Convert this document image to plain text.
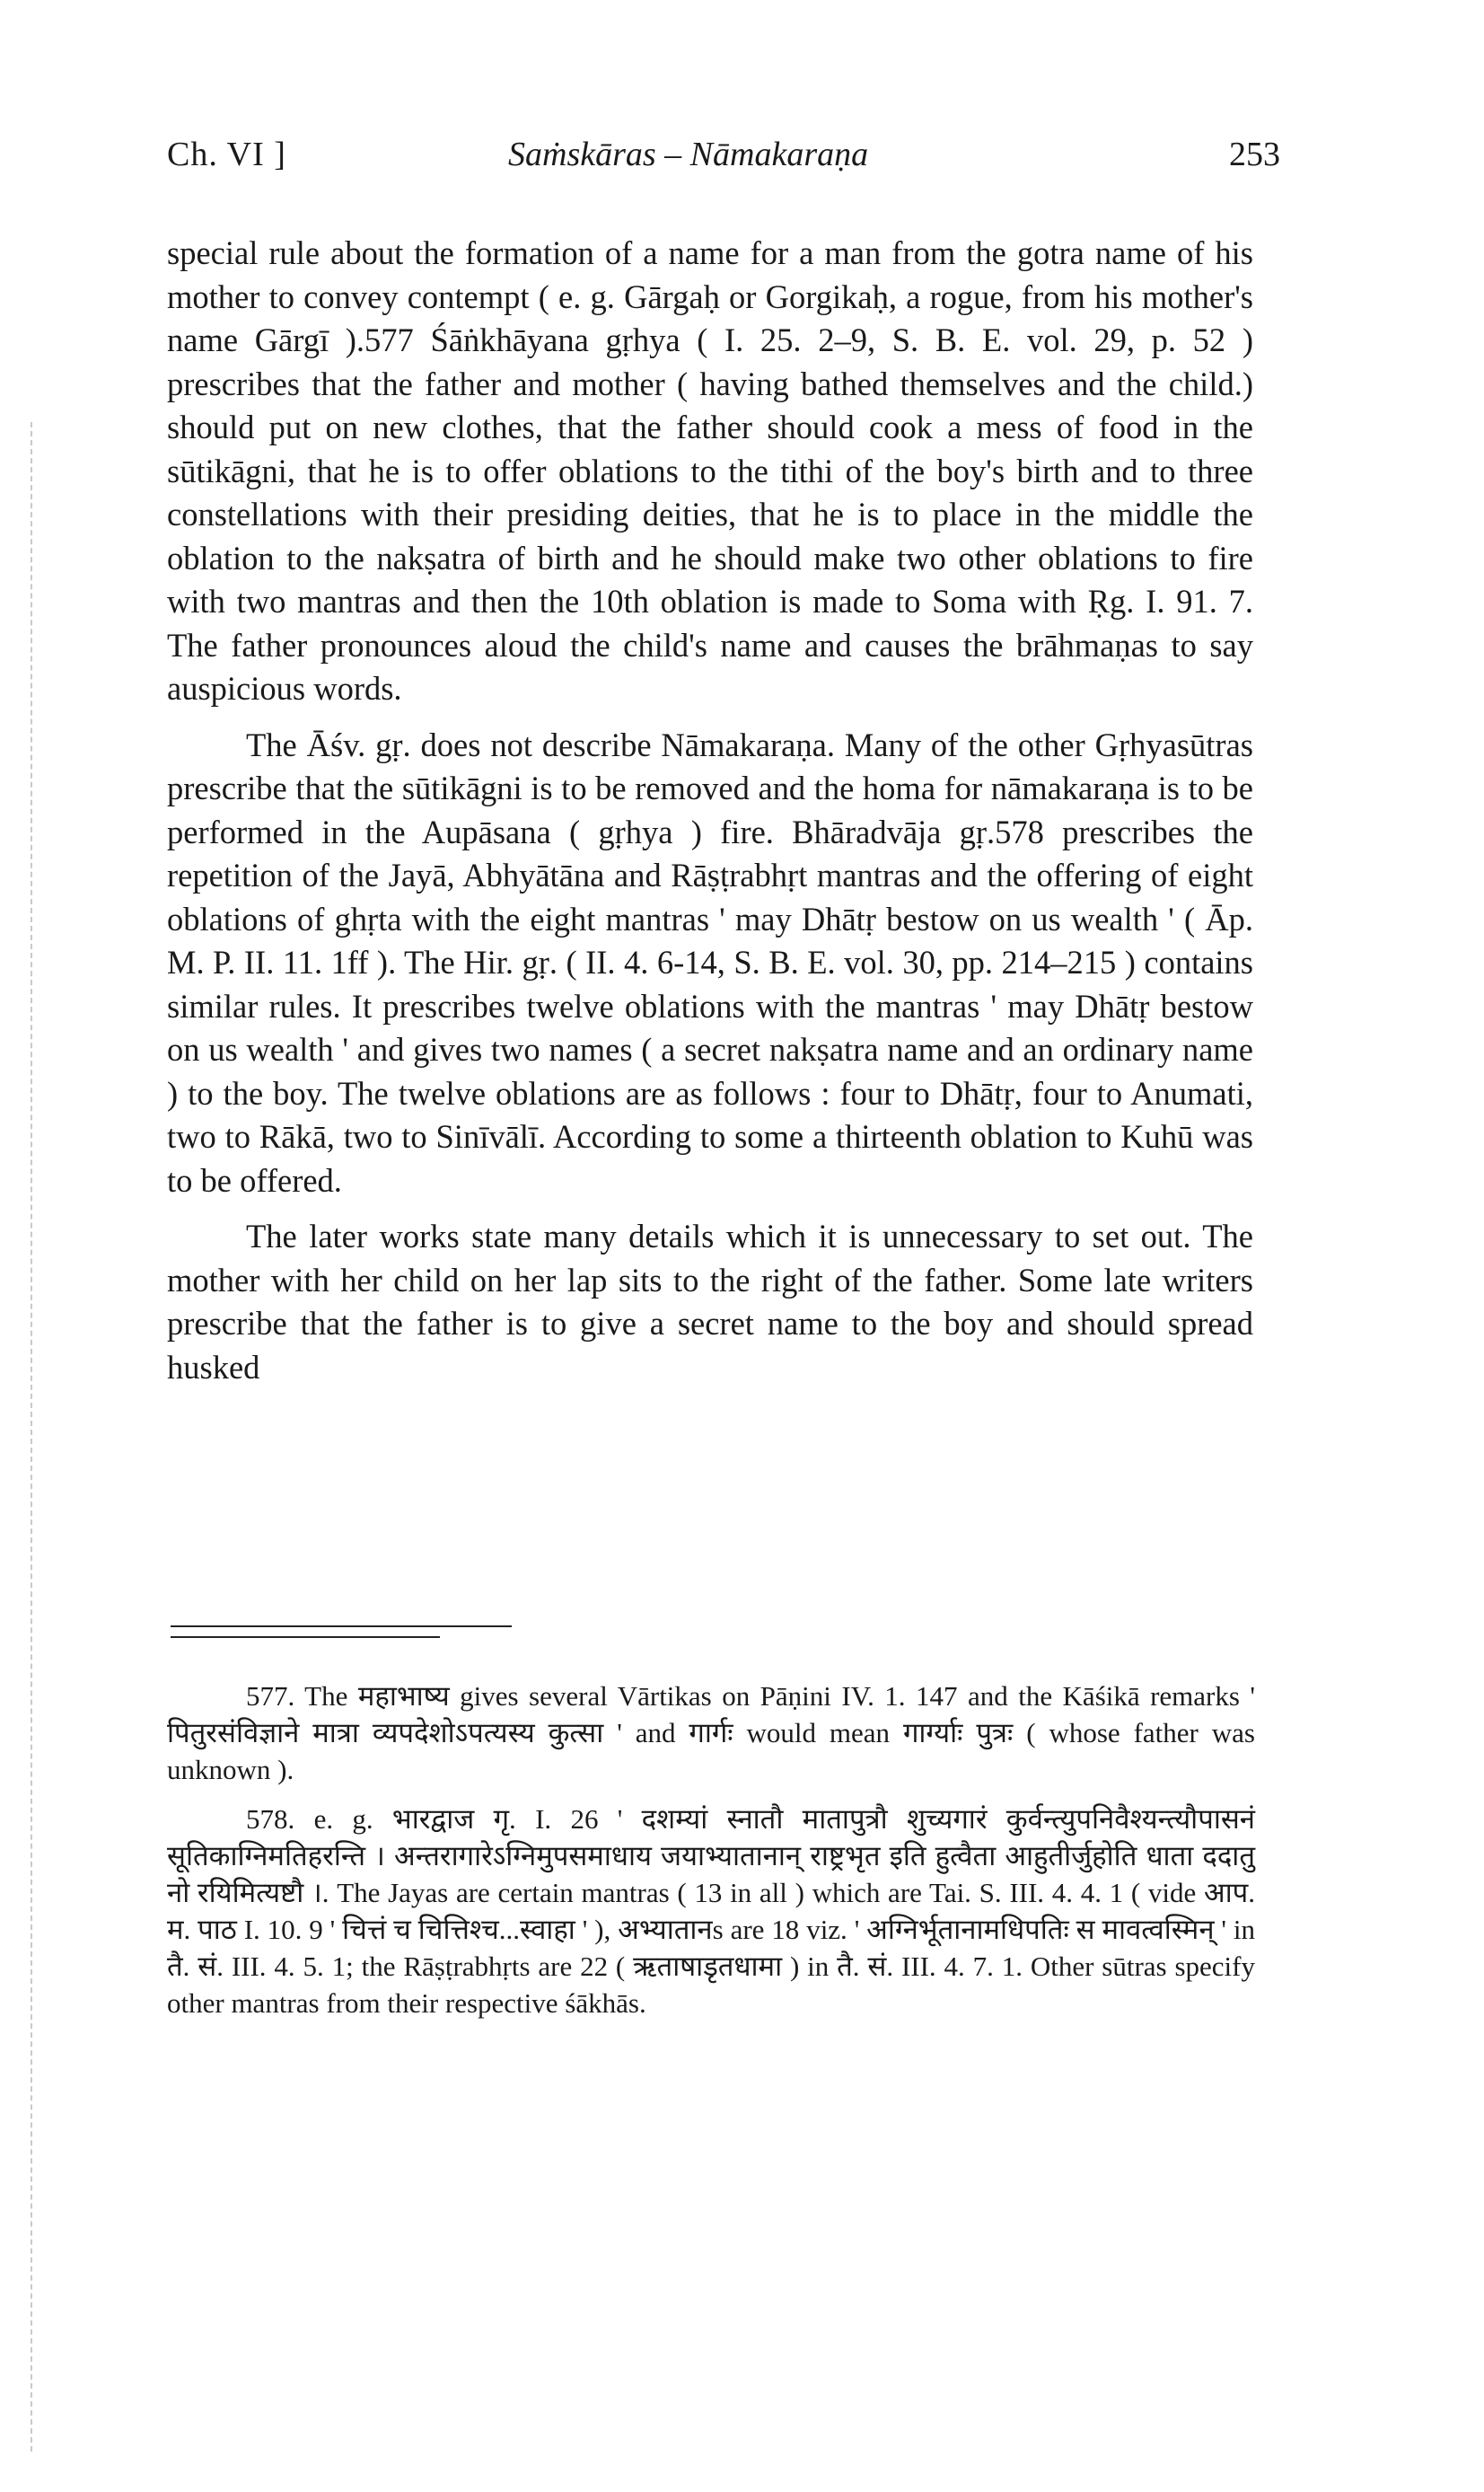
Ch. VI ]	Saṁskāras – Nāmakaraṇa	253

special rule about the formation of a name for a man from the gotra name of his mother to convey contempt ( e. g. Gārgaḥ or Gorgikaḥ, a rogue, from his mother's name Gārgī ).577 Śāṅkhāyana gṛhya ( I. 25. 2–9, S. B. E. vol. 29, p. 52 ) prescribes that the father and mother ( having bathed themselves and the child.) should put on new clothes, that the father should cook a mess of food in the sūtikāgni, that he is to offer oblations to the tithi of the boy's birth and to three constellations with their presiding deities, that he is to place in the middle the oblation to the nakṣatra of birth and he should make two other oblations to fire with two mantras and then the 10th oblation is made to Soma with Ṛg. I. 91. 7. The father pronounces aloud the child's name and causes the brāhmaṇas to say auspicious words.

The Āśv. gṛ. does not describe Nāmakaraṇa. Many of the other Gṛhyasūtras prescribe that the sūtikāgni is to be removed and the homa for nāmakaraṇa is to be performed in the Aupāsana ( gṛhya ) fire. Bhāradvāja gṛ.578 prescribes the repetition of the Jayā, Abhyātāna and Rāṣṭrabhṛt mantras and the offering of eight oblations of ghṛta with the eight mantras ' may Dhātṛ bestow on us wealth ' ( Āp. M. P. II. 11. 1ff ). The Hir. gṛ. ( II. 4. 6-14, S. B. E. vol. 30, pp. 214–215 ) contains similar rules. It prescribes twelve oblations with the mantras ' may Dhātṛ bestow on us wealth ' and gives two names ( a secret nakṣatra name and an ordinary name ) to the boy. The twelve oblations are as follows : four to Dhātṛ, four to Anumati, two to Rākā, two to Sinīvālī. According to some a thirteenth oblation to Kuhū was to be offered.

The later works state many details which it is unnecessary to set out. The mother with her child on her lap sits to the right of the father. Some late writers prescribe that the father is to give a secret name to the boy and should spread husked

577. The महाभाष्य gives several Vārtikas on Pāṇini IV. 1. 147 and the Kāśikā remarks ' पितुरसंविज्ञाने मात्रा व्यपदेशोऽपत्यस्य कुत्सा ' and गार्गः would mean गार्ग्याः पुत्रः ( whose father was unknown ).

578. e. g. भारद्वाज गृ. I. 26 ' दशम्यां स्नातौ मातापुत्रौ शुच्यगारं कुर्वन्त्युपनिवैश्यन्त्यौपासनं सूतिकाग्निमतिहरन्ति । अन्तरागारेऽग्निमुपसमाधाय जयाभ्यातानान् राष्ट्रभृत इति हुत्वैता आहुतीर्जुहोति धाता ददातु नो रयिमित्यष्टौ ।. The Jayas are certain mantras ( 13 in all ) which are Tai. S. III. 4. 4. 1 ( vide आप. म. पाठ I. 10. 9 ' चित्तं च चित्तिश्च...स्वाहा ' ), अभ्यातानs are 18 viz. ' अग्निर्भूतानामधिपतिः स मावत्वस्मिन् ' in तै. सं. III. 4. 5. 1; the Rāṣṭrabhṛts are 22 ( ऋताषाडृतधामा ) in तै. सं. III. 4. 7. 1. Other sūtras specify other mantras from their respective śākhās.
